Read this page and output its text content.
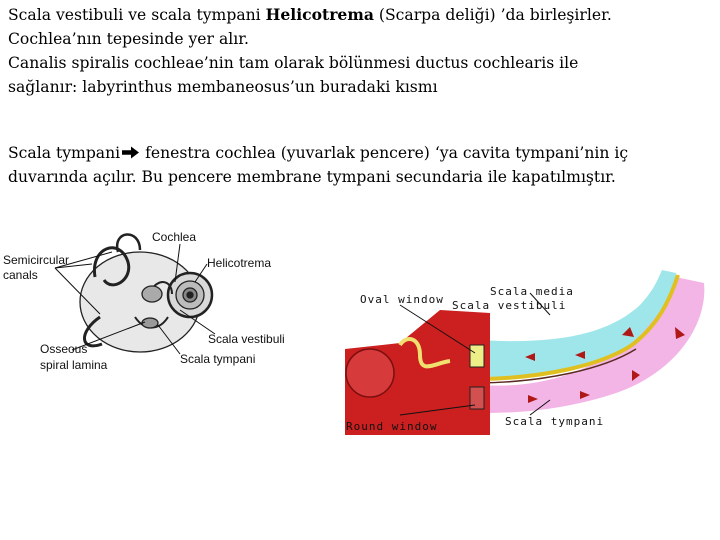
Scala vestibuli ve scala tympani Helicotrema (Scarpa deliği) ’da birleşirler.
Cochlea’nın tepesinde yer alır.
Canalis spiralis cochleae’nin tam olarak bölünmesi ductus cochlearis ile
sağlanır: labyrinthus membaneosus’un buradaki kısmı

Scala tympani fenestra cochlea (yuvarlak pencere) ‘ya cavita tympani’nin iç
duvarında açılır. Bu pencere membrane tympani secundaria ile kapatılmıştır.

Cochlea
Semicircular
canals
Helicotrema
Scala vestibuli
Osseous
spiral lamina	Scala tympani
Scala media
Oval window Scala vestibuli
Round window	Scala tympani
